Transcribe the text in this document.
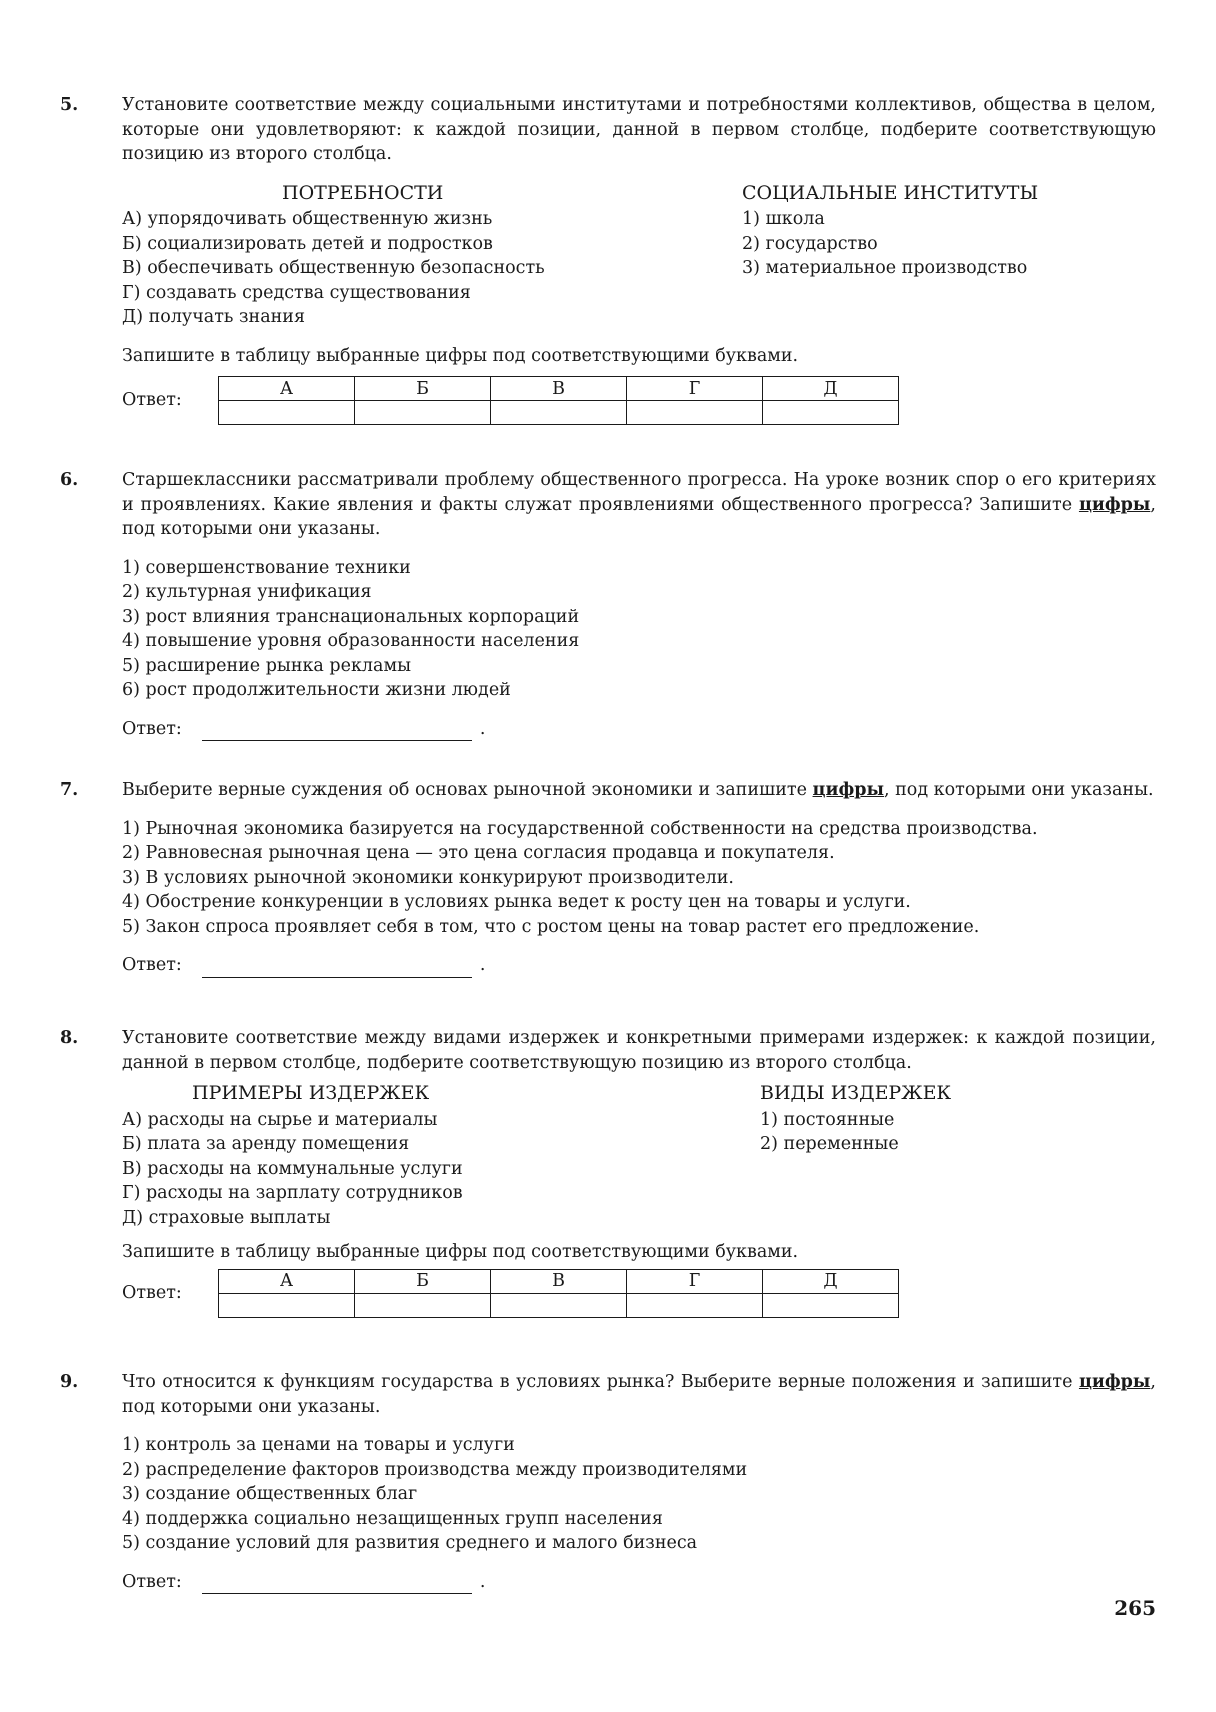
5. Установите соответствие между социальными институтами и потребностями коллективов, общества в целом, которые они удовлетворяют: к каждой позиции, данной в первом столбце, подберите соответствующую позицию из второго столбца.
ПОТРЕБНОСТИ
А) упорядочивать общественную жизнь
Б) социализировать детей и подростков
В) обеспечивать общественную безопасность
Г) создавать средства существования
Д) получать знания
СОЦИАЛЬНЫЕ ИНСТИТУТЫ
1) школа
2) государство
3) материальное производство
Запишите в таблицу выбранные цифры под соответствующими буквами.
Ответ:
А	Б	В	Г	Д

6. Старшеклассники рассматривали проблему общественного прогресса. На уроке возник спор о его критериях и проявлениях. Какие явления и факты служат проявлениями общественного прогресса? Запишите цифры, под которыми они указаны.
1) совершенствование техники
2) культурная унификация
3) рост влияния транснациональных корпораций
4) повышение уровня образованности населения
5) расширение рынка рекламы
6) рост продолжительности жизни людей
Ответ:	.
7. Выберите верные суждения об основах рыночной экономики и запишите цифры, под которыми они указаны.
1) Рыночная экономика базируется на государственной собственности на средства производства.
2) Равновесная рыночная цена — это цена согласия продавца и покупателя.
3) В условиях рыночной экономики конкурируют производители.
4) Обострение конкуренции в условиях рынка ведет к росту цен на товары и услуги.
5) Закон спроса проявляет себя в том, что с ростом цены на товар растет его предложение.
Ответ:	.
8. Установите соответствие между видами издержек и конкретными примерами издержек: к каждой позиции, данной в первом столбце, подберите соответствующую позицию из второго столбца.
ПРИМЕРЫ ИЗДЕРЖЕК
А) расходы на сырье и материалы
Б) плата за аренду помещения
В) расходы на коммунальные услуги
Г) расходы на зарплату сотрудников
Д) страховые выплаты
ВИДЫ ИЗДЕРЖЕК
1) постоянные
2) переменные
Запишите в таблицу выбранные цифры под соответствующими буквами.
Ответ:
А	Б	В	Г	Д

9. Что относится к функциям государства в условиях рынка? Выберите верные положения и запишите цифры, под которыми они указаны.
1) контроль за ценами на товары и услуги
2) распределение факторов производства между производителями
3) создание общественных благ
4) поддержка социально незащищенных групп населения
5) создание условий для развития среднего и малого бизнеса
Ответ:	.
265
